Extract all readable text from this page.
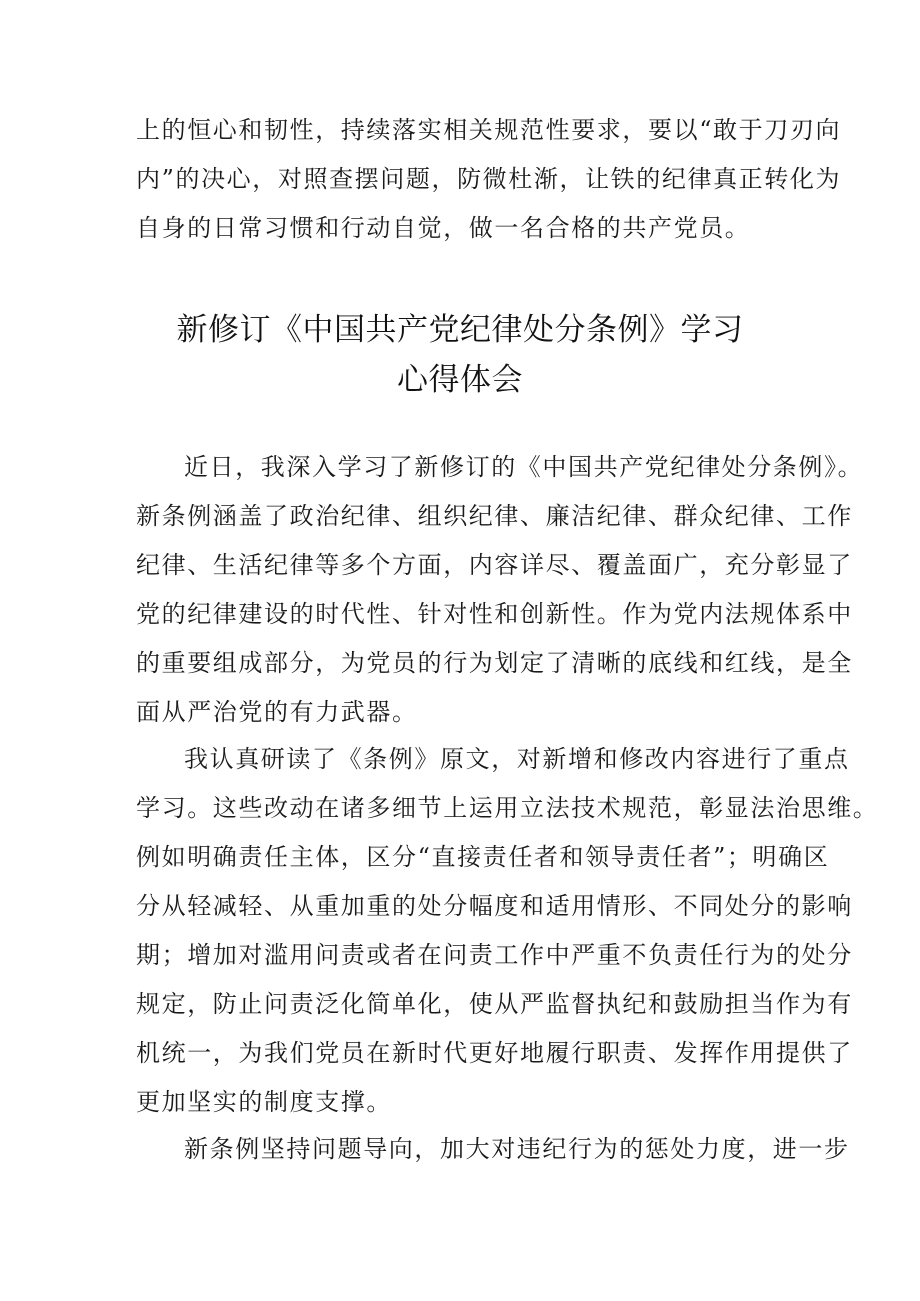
上的恒心和韧性，持续落实相关规范性要求，要以“敢于刀刃向
内”的决心，对照查摆问题，防微杜渐，让铁的纪律真正转化为
自身的日常习惯和行动自觉，做一名合格的共产党员。
新修订《中国共产党纪律处分条例》学习
心得体会
近日，我深入学习了新修订的《中国共产党纪律处分条例》。
新条例涵盖了政治纪律、组织纪律、廉洁纪律、群众纪律、工作
纪律、生活纪律等多个方面，内容详尽、覆盖面广，充分彰显了
党的纪律建设的时代性、针对性和创新性。作为党内法规体系中
的重要组成部分，为党员的行为划定了清晰的底线和红线，是全
面从严治党的有力武器。
我认真研读了《条例》原文，对新增和修改内容进行了重点
学习。这些改动在诸多细节上运用立法技术规范，彰显法治思维。
例如明确责任主体，区分“直接责任者和领导责任者”；明确区
分从轻减轻、从重加重的处分幅度和适用情形、不同处分的影响
期；增加对滥用问责或者在问责工作中严重不负责任行为的处分
规定，防止问责泛化简单化，使从严监督执纪和鼓励担当作为有
机统一，为我们党员在新时代更好地履行职责、发挥作用提供了
更加坚实的制度支撑。
新条例坚持问题导向，加大对违纪行为的惩处力度，进一步
